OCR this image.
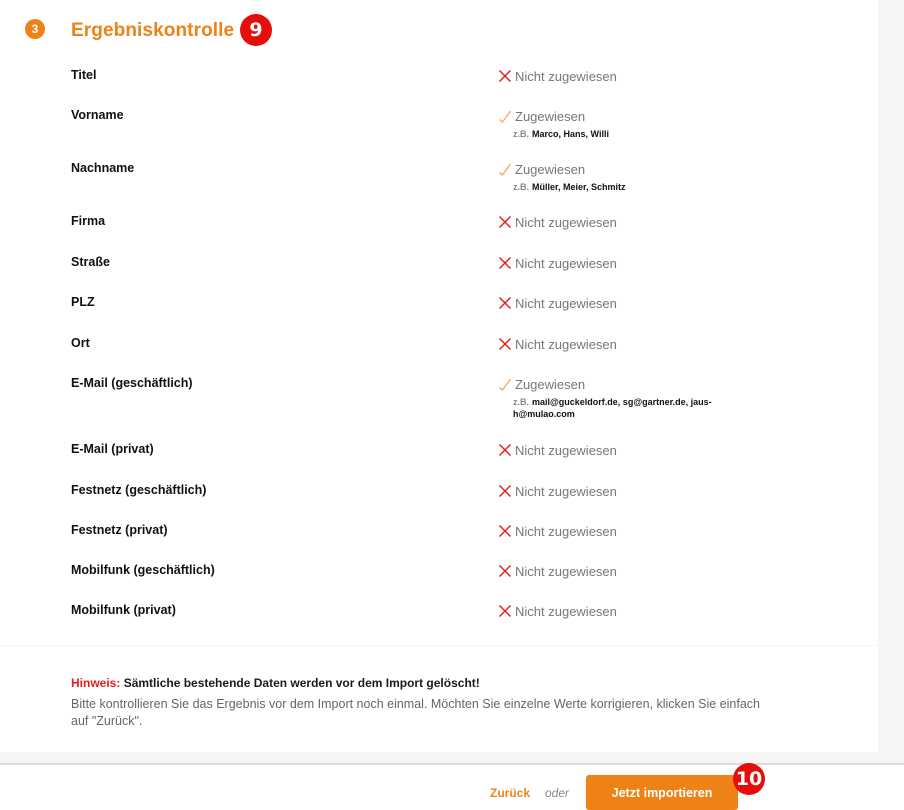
3	Ergebniskontrolle 9
Titel	Nicht zugewiesen
Vorname	Zugewiesen
z.B. Marco, Hans, Willi
Nachname	Zugewiesen
z.B. Müller, Meier, Schmitz
Firma	Nicht zugewiesen
Straße	Nicht zugewiesen
PLZ	Nicht zugewiesen
Ort	Nicht zugewiesen
E-Mail (geschäftlich)	Zugewiesen
z.B. mail@guckeldorf.de, sg@gartner.de, jaus-h@mulao.com
E-Mail (privat)	Nicht zugewiesen
Festnetz (geschäftlich)	Nicht zugewiesen
Festnetz (privat)	Nicht zugewiesen
Mobilfunk (geschäftlich)	Nicht zugewiesen
Mobilfunk (privat)	Nicht zugewiesen
Hinweis: Sämtliche bestehende Daten werden vor dem Import gelöscht!
Bitte kontrollieren Sie das Ergebnis vor dem Import noch einmal. Möchten Sie einzelne Werte korrigieren, klicken Sie einfach auf "Zurück".
Zurück oder	Jetzt importieren
10
